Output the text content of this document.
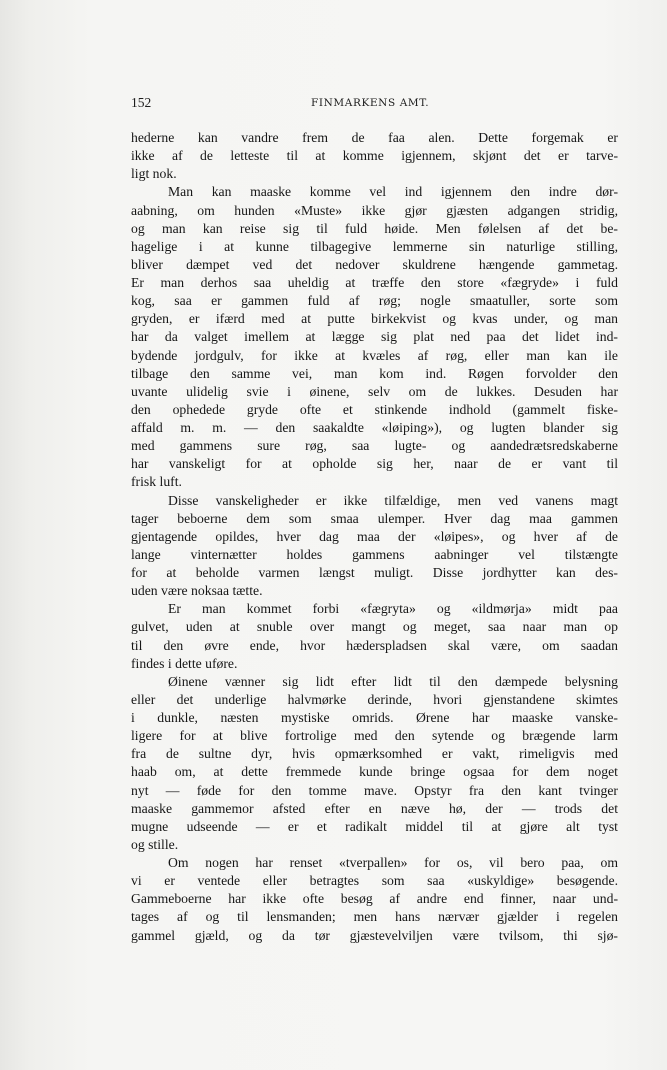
152	FINMARKENS AMT.
hederne kan vandre frem de faa alen. Dette forgemak er
ikke af de letteste til at komme igjennem, skjønt det er tarve-
ligt nok.
Man kan maaske komme vel ind igjennem den indre dør-
aabning, om hunden «Muste» ikke gjør gjæsten adgangen stridig,
og man kan reise sig til fuld høide. Men følelsen af det be-
hagelige i at kunne tilbagegive lemmerne sin naturlige stilling,
bliver dæmpet ved det nedover skuldrene hængende gammetag.
Er man derhos saa uheldig at træffe den store «fægryde» i fuld
kog, saa er gammen fuld af røg; nogle smaatuller, sorte som
gryden, er ifærd med at putte birkekvist og kvas under, og man
har da valget imellem at lægge sig plat ned paa det lidet ind-
bydende jordgulv, for ikke at kvæles af røg, eller man kan ile
tilbage den samme vei, man kom ind. Røgen forvolder den
uvante ulidelig svie i øinene, selv om de lukkes. Desuden har
den ophedede gryde ofte et stinkende indhold (gammelt fiske-
affald m. m. — den saakaldte «løiping»), og lugten blander sig
med gammens sure røg, saa lugte- og aandedrætsredskaberne
har vanskeligt for at opholde sig her, naar de er vant til
frisk luft.
Disse vanskeligheder er ikke tilfældige, men ved vanens magt
tager beboerne dem som smaa ulemper. Hver dag maa gammen
gjentagende opildes, hver dag maa der «løipes», og hver af de
lange vinternætter holdes gammens aabninger vel tilstængte
for at beholde varmen længst muligt. Disse jordhytter kan des-
uden være noksaa tætte.
Er man kommet forbi «fægryta» og «ildmørja» midt paa
gulvet, uden at snuble over mangt og meget, saa naar man op
til den øvre ende, hvor hæderspladsen skal være, om saadan
findes i dette uføre.
Øinene vænner sig lidt efter lidt til den dæmpede belysning
eller det underlige halvmørke derinde, hvori gjenstandene skimtes
i dunkle, næsten mystiske omrids. Ørene har maaske vanske-
ligere for at blive fortrolige med den sytende og brægende larm
fra de sultne dyr, hvis opmærksomhed er vakt, rimeligvis med
haab om, at dette fremmede kunde bringe ogsaa for dem noget
nyt — føde for den tomme mave. Opstyr fra den kant tvinger
maaske gammemor afsted efter en næve hø, der — trods det
mugne udseende — er et radikalt middel til at gjøre alt tyst
og stille.
Om nogen har renset «tverpallen» for os, vil bero paa, om
vi er ventede eller betragtes som saa «uskyldige» besøgende.
Gammeboerne har ikke ofte besøg af andre end finner, naar und-
tages af og til lensmanden; men hans nærvær gjælder i regelen
gammel gjæld, og da tør gjæstevelviljen være tvilsom, thi sjø-
